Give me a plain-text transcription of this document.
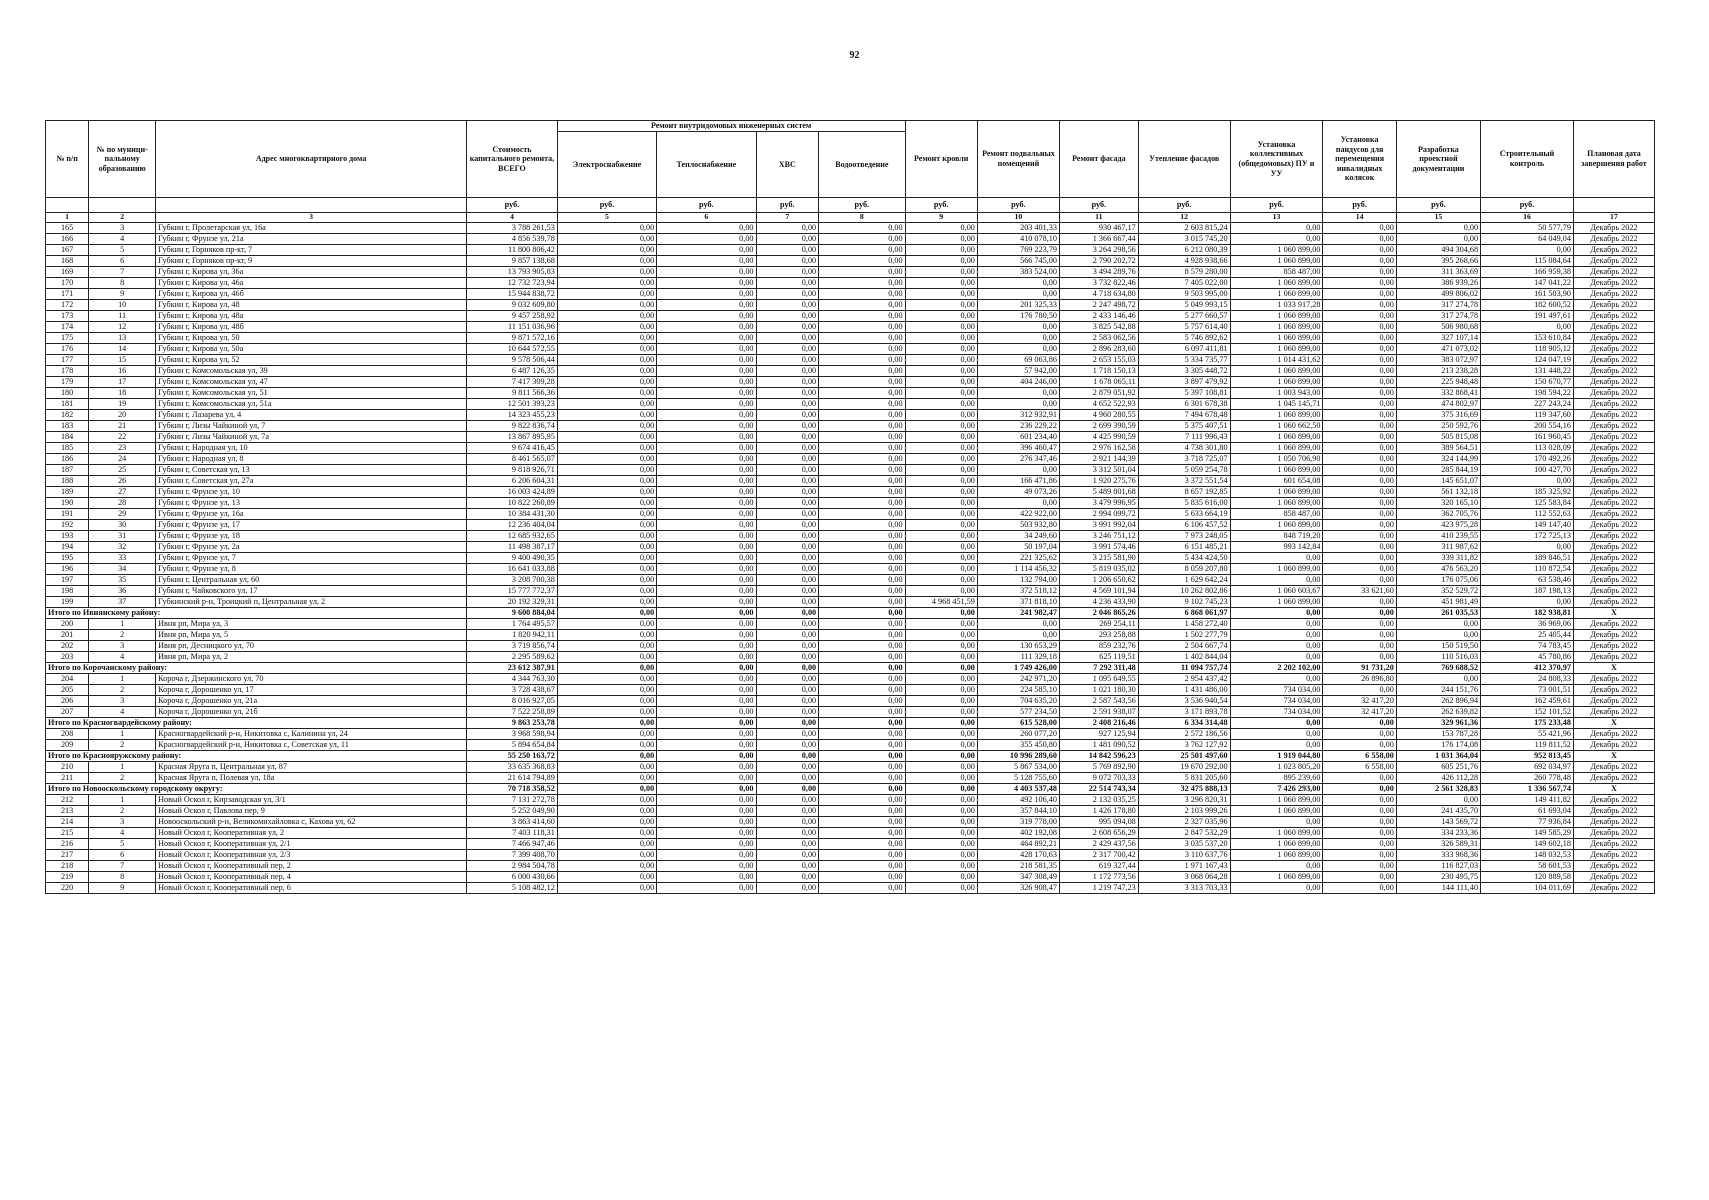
92
№ п/п	№ по муници-пальному образованию	Адрес многоквартирного дома	Стоимость капитального ремонта, ВСЕГО	Ремонт внутридомовых инженерных систем				Ремонт кровли	Ремонт подвальных помещений	Ремонт фасада	Утепление фасадов	Установка коллективных (общедомовых) ПУ и УУ	Установка пандусов для перемещения инвалидных колясок	Разработка проектной документации	Строительный контроль	Плановая дата завершения работ
				Электроснабжение	Теплоснабжение	ХВС	Водоотведение									
			руб.	руб.	руб.	руб.	руб.	руб.	руб.	руб.	руб.	руб.	руб.	руб.	руб.	
1	2	3	4	5	6	7	8	9	10	11	12	13	14	15	16	17
165	3	Губкин г, Пролетарская ул, 16а	3 788 261,53	0,00	0,00	0,00	0,00	0,00	203 401,33	930 467,17	2 603 815,24	0,00	0,00	0,00	50 577,79	Декабрь 2022
166	4	Губкин г, Фрунзе ул, 21а	4 856 539,78	0,00	0,00	0,00	0,00	0,00	410 078,10	1 366 667,44	3 015 745,20	0,00	0,00	0,00	64 049,04	Декабрь 2022
167	5	Губкин г, Горняков пр-кт, 7	11 800 806,42	0,00	0,00	0,00	0,00	0,00	769 223,79	3 264 298,56	6 212 080,39	1 060 899,00	0,00	494 304,68	0,00	Декабрь 2022
168	6	Губкин г, Горняков пр-кт, 9	9 857 138,68	0,00	0,00	0,00	0,00	0,00	566 745,00	2 790 202,72	4 928 938,66	1 060 899,00	0,00	395 268,66	115 084,64	Декабрь 2022
169	7	Губкин г, Кирова ул, 36а	13 793 905,83	0,00	0,00	0,00	0,00	0,00	383 524,00	3 494 289,76	8 579 280,00	858 487,00	0,00	311 363,69	166 959,38	Декабрь 2022
170	8	Губкин г, Кирова ул, 46а	12 732 723,94	0,00	0,00	0,00	0,00	0,00	0,00	3 732 822,46	7 405 022,00	1 060 899,00	0,00	386 939,26	147 041,22	Декабрь 2022
171	9	Губкин г, Кирова ул, 46б	15 944 838,72	0,00	0,00	0,00	0,00	0,00	0,00	4 718 634,80	9 503 995,00	1 060 899,00	0,00	499 806,02	161 503,90	Декабрь 2022
172	10	Губкин г, Кирова ул, 48	9 032 609,80	0,00	0,00	0,00	0,00	0,00	201 325,33	2 247 498,72	5 049 993,15	1 033 917,28	0,00	317 274,78	182 600,52	Декабрь 2022
173	11	Губкин г, Кирова ул, 48а	9 457 258,92	0,00	0,00	0,00	0,00	0,00	176 780,50	2 433 146,46	5 277 660,57	1 060 899,00	0,00	317 274,78	191 497,61	Декабрь 2022
174	12	Губкин г, Кирова ул, 48б	11 151 036,96	0,00	0,00	0,00	0,00	0,00	0,00	3 825 542,88	5 757 614,40	1 060 899,00	0,00	506 980,68	0,00	Декабрь 2022
175	13	Губкин г, Кирова ул, 50	9 871 572,16	0,00	0,00	0,00	0,00	0,00	0,00	2 583 062,56	5 746 892,62	1 060 899,00	0,00	327 107,14	153 610,84	Декабрь 2022
176	14	Губкин г, Кирова ул, 50а	10 644 572,55	0,00	0,00	0,00	0,00	0,00	0,00	2 896 283,60	6 097 411,81	1 060 899,00	0,00	471 073,02	118 905,12	Декабрь 2022
177	15	Губкин г, Кирова ул, 52	9 578 506,44	0,00	0,00	0,00	0,00	0,00	69 063,86	2 653 155,03	5 334 735,77	1 014 431,62	0,00	383 072,97	124 047,19	Декабрь 2022
178	16	Губкин г, Комсомольская ул, 39	6 487 126,35	0,00	0,00	0,00	0,00	0,00	57 942,00	1 718 150,13	3 305 448,72	1 060 899,00	0,00	213 238,28	131 448,22	Декабрь 2022
179	17	Губкин г, Комсомольская ул, 47	7 417 309,28	0,00	0,00	0,00	0,00	0,00	404 246,00	1 678 065,11	3 897 479,92	1 060 899,00	0,00	225 948,48	150 670,77	Декабрь 2022
180	18	Губкин г, Комсомольская ул, 51	9 811 566,36	0,00	0,00	0,00	0,00	0,00	0,00	2 879 051,92	5 397 108,81	1 003 943,00	0,00	332 868,41	198 594,22	Декабрь 2022
181	19	Губкин г, Комсомольская ул, 51а	12 501 393,23	0,00	0,00	0,00	0,00	0,00	0,00	4 652 522,93	6 301 678,38	1 045 145,71	0,00	474 802,97	227 243,24	Декабрь 2022
182	20	Губкин г, Лазарева ул, 4	14 323 455,23	0,00	0,00	0,00	0,00	0,00	312 932,91	4 960 280,55	7 494 678,48	1 060 899,00	0,00	375 316,69	119 347,60	Декабрь 2022
183	21	Губкин г, Лизы Чайкиной ул, 7	9 822 836,74	0,00	0,00	0,00	0,00	0,00	236 229,22	2 699 390,59	5 375 407,51	1 060 662,50	0,00	250 592,76	200 554,16	Декабрь 2022
184	22	Губкин г, Лизы Чайкиной ул, 7а	13 867 895,95	0,00	0,00	0,00	0,00	0,00	601 234,40	4 425 990,59	7 111 996,43	1 060 899,00	0,00	505 815,08	161 960,45	Декабрь 2022
185	23	Губкин г, Народная ул, 10	9 674 416,45	0,00	0,00	0,00	0,00	0,00	396 460,47	2 976 162,58	4 738 301,80	1 060 899,00	0,00	389 564,51	113 028,09	Декабрь 2022
186	24	Губкин г, Народная ул, 8	8 461 565,07	0,00	0,00	0,00	0,00	0,00	276 347,46	2 921 144,39	3 718 725,07	1 050 706,90	0,00	324 144,99	170 492,26	Декабрь 2022
187	25	Губкин г, Советская ул, 13	9 818 926,71	0,00	0,00	0,00	0,00	0,00	0,00	3 312 501,04	5 059 254,78	1 060 899,00	0,00	285 844,19	100 427,70	Декабрь 2022
188	26	Губкин г, Советская ул, 27а	6 206 604,31	0,00	0,00	0,00	0,00	0,00	166 471,86	1 920 275,76	3 372 551,54	601 654,08	0,00	145 651,07	0,00	Декабрь 2022
189	27	Губкин г, Фрунзе ул, 10	16 003 424,89	0,00	0,00	0,00	0,00	0,00	49 073,26	5 489 801,68	8 657 192,85	1 060 899,00	0,00	561 132,18	185 325,92	Декабрь 2022
190	28	Губкин г, Фрунзе ул, 13	10 822 260,89	0,00	0,00	0,00	0,00	0,00	0,00	3 479 996,95	5 835 616,00	1 060 899,00	0,00	320 165,10	125 583,84	Декабрь 2022
191	29	Губкин г, Фрунзе ул, 16а	10 384 431,30	0,00	0,00	0,00	0,00	0,00	422 922,00	2 994 099,72	5 633 664,19	858 487,00	0,00	362 705,76	112 552,63	Декабрь 2022
192	30	Губкин г, Фрунзе ул, 17	12 236 404,04	0,00	0,00	0,00	0,00	0,00	503 932,80	3 991 992,04	6 106 457,52	1 060 899,00	0,00	423 975,28	149 147,40	Декабрь 2022
193	31	Губкин г, Фрунзе ул, 18	12 685 932,65	0,00	0,00	0,00	0,00	0,00	34 249,60	3 246 751,12	7 973 248,05	848 719,20	0,00	410 239,55	172 725,13	Декабрь 2022
194	32	Губкин г, Фрунзе ул, 2а	11 498 387,17	0,00	0,00	0,00	0,00	0,00	50 197,04	3 991 574,46	6 151 485,21	993 142,84	0,00	311 987,62	0,00	Декабрь 2022
195	33	Губкин г, Фрунзе ул, 7	9 400 490,35	0,00	0,00	0,00	0,00	0,00	221 325,62	3 215 581,90	5 434 424,50	0,00	0,00	339 311,82	189 846,51	Декабрь 2022
196	34	Губкин г, Фрунзе ул, 8	16 641 033,88	0,00	0,00	0,00	0,00	0,00	1 114 456,32	5 819 035,02	8 059 207,80	1 060 899,00	0,00	476 563,20	110 872,54	Декабрь 2022
197	35	Губкин г, Центральная ул, 60	3 208 700,38	0,00	0,00	0,00	0,00	0,00	132 794,00	1 206 650,62	1 629 642,24	0,00	0,00	176 075,06	63 538,46	Декабрь 2022
198	36	Губкин г, Чайковского ул, 17	15 777 772,37	0,00	0,00	0,00	0,00	0,00	372 518,12	4 569 101,94	10 262 802,86	1 060 603,67	33 621,60	352 529,72	187 198,13	Декабрь 2022
199	37	Губкинский р-н, Троицкий п, Центральная ул, 2	20 192 329,31	0,00	0,00	0,00	0,00	4 968 451,59	371 818,10	4 236 433,90	9 102 745,23	1 060 899,00	0,00	451 981,49	0,00	Декабрь 2022
Итого по Ивнянскому району:			9 600 884,04	0,00	0,00	0,00	0,00	0,00	241 982,47	2 046 865,26	6 868 061,97	0,00	0,00	261 035,53	182 938,81	X
200	1	Ивня рп, Мира ул, 3	1 764 495,57	0,00	0,00	0,00	0,00	0,00	0,00	269 254,11	1 458 272,40	0,00	0,00	0,00	36 969,06	Декабрь 2022
201	2	Ивня рп, Мира ул, 5	1 820 942,11	0,00	0,00	0,00	0,00	0,00	0,00	293 258,88	1 502 277,79	0,00	0,00	0,00	25 405,44	Декабрь 2022
202	3	Ивня рп, Десницкого ул, 70	3 719 856,74	0,00	0,00	0,00	0,00	0,00	130 653,29	859 232,76	2 504 667,74	0,00	0,00	150 519,50	74 783,45	Декабрь 2022
203	4	Ивня рп, Мира ул, 2	2 295 589,62	0,00	0,00	0,00	0,00	0,00	111 329,18	625 119,51	1 402 844,04	0,00	0,00	110 516,03	45 780,86	Декабрь 2022
Итого по Корочанскому району:			23 612 387,91	0,00	0,00	0,00	0,00	0,00	1 749 426,00	7 292 311,48	11 094 757,74	2 202 102,00	91 731,20	769 688,52	412 370,97	X
204	1	Короча г, Дзержинского ул, 70	4 344 763,30	0,00	0,00	0,00	0,00	0,00	242 971,20	1 095 649,55	2 954 437,42	0,00	26 896,80	0,00	24 808,33	Декабрь 2022
205	2	Короча г, Дорошенко ул, 17	3 728 438,67	0,00	0,00	0,00	0,00	0,00	224 585,10	1 021 180,30	1 431 486,00	734 034,00	0,00	244 151,76	73 001,51	Декабрь 2022
206	3	Короча г, Дорошенко ул, 21а	8 016 927,05	0,00	0,00	0,00	0,00	0,00	704 635,20	2 587 543,56	3 536 940,54	734 034,00	32 417,20	262 896,94	162 459,61	Декабрь 2022
207	4	Короча г, Дорошенко ул, 21б	7 522 258,89	0,00	0,00	0,00	0,00	0,00	577 234,50	2 591 938,07	3 171 893,78	734 034,00	32 417,20	262 639,82	152 101,52	Декабрь 2022
Итого по Красногвардейскому району:			9 863 253,78	0,00	0,00	0,00	0,00	0,00	615 528,00	2 408 216,46	6 334 314,48	0,00	0,00	329 961,36	175 233,48	X
208	1	Красногвардейский р-н, Никитовка с, Калинина ул, 24	3 968 598,94	0,00	0,00	0,00	0,00	0,00	260 077,20	927 125,94	2 572 186,56	0,00	0,00	153 787,28	55 421,96	Декабрь 2022
209	2	Красногвардейский р-н, Никитовка с, Советская ул, 11	5 894 654,84	0,00	0,00	0,00	0,00	0,00	355 450,80	1 481 090,52	3 762 127,92	0,00	0,00	176 174,08	119 811,52	Декабрь 2022
Итого по Краснояружскому району:			55 250 163,72	0,00	0,00	0,00	0,00	0,00	10 996 289,60	14 842 596,23	25 501 497,60	1 919 044,80	6 558,00	1 031 364,04	952 813,45	X
210	1	Красная Яруга п, Центральная ул, 87	33 635 368,83	0,00	0,00	0,00	0,00	0,00	5 867 534,00	5 769 892,90	19 670 292,00	1 023 805,20	6 558,00	605 251,76	692 034,97	Декабрь 2022
211	2	Красная Яруга п, Полевая ул, 18а	21 614 794,89	0,00	0,00	0,00	0,00	0,00	5 128 755,60	9 072 703,33	5 831 205,60	895 239,60	0,00	426 112,28	260 778,48	Декабрь 2022
Итого по Новооскольскому городскому округу:			70 718 358,52	0,00	0,00	0,00	0,00	0,00	4 403 537,48	22 514 743,34	32 475 888,13	7 426 293,00	0,00	2 561 328,83	1 336 567,74	X
212	1	Новый Оскол г, Кирзаводская ул, 3/1	7 131 272,78	0,00	0,00	0,00	0,00	0,00	492 106,40	2 132 035,25	3 296 820,31	1 060 899,00	0,00	0,00	149 411,82	Декабрь 2022
213	2	Новый Оскол г, Павлова пер, 9	5 252 049,90	0,00	0,00	0,00	0,00	0,00	357 844,10	1 426 178,80	2 103 999,26	1 060 899,00	0,00	241 435,70	61 693,04	Декабрь 2022
214	3	Новооскольский р-н, Великомихайловка с, Кахова ул, 62	3 863 414,60	0,00	0,00	0,00	0,00	0,00	319 778,00	995 094,08	2 327 035,96	0,00	0,00	143 569,72	77 936,84	Декабрь 2022
215	4	Новый Оскол г, Кооперативная ул, 2	7 403 118,31	0,00	0,00	0,00	0,00	0,00	402 192,08	2 608 656,29	2 847 532,29	1 060 899,00	0,00	334 233,36	149 585,29	Декабрь 2022
216	5	Новый Оскол г, Кооперативная ул, 2/1	7 466 947,46	0,00	0,00	0,00	0,00	0,00	464 892,21	2 429 437,56	3 035 537,20	1 060 899,00	0,00	326 589,31	149 602,18	Декабрь 2022
217	6	Новый Оскол г, Кооперативная ул, 2/3	7 399 408,70	0,00	0,00	0,00	0,00	0,00	428 170,63	2 317 700,42	3 110 637,76	1 060 899,00	0,00	333 968,36	148 032,53	Декабрь 2022
218	7	Новый Оскол г, Кооперативный пер, 2	2 984 504,78	0,00	0,00	0,00	0,00	0,00	218 581,35	619 327,44	1 971 167,43	0,00	0,00	116 827,03	58 601,53	Декабрь 2022
219	8	Новый Оскол г, Кооперативный пер, 4	6 000 430,66	0,00	0,00	0,00	0,00	0,00	347 308,49	1 172 773,56	3 068 064,28	1 060 899,00	0,00	230 495,75	120 889,58	Декабрь 2022
220	9	Новый Оскол г, Кооперативный пер, 6	5 108 482,12	0,00	0,00	0,00	0,00	0,00	326 908,47	1 219 747,23	3 313 703,33	0,00	0,00	144 111,40	104 011,69	Декабрь 2022
